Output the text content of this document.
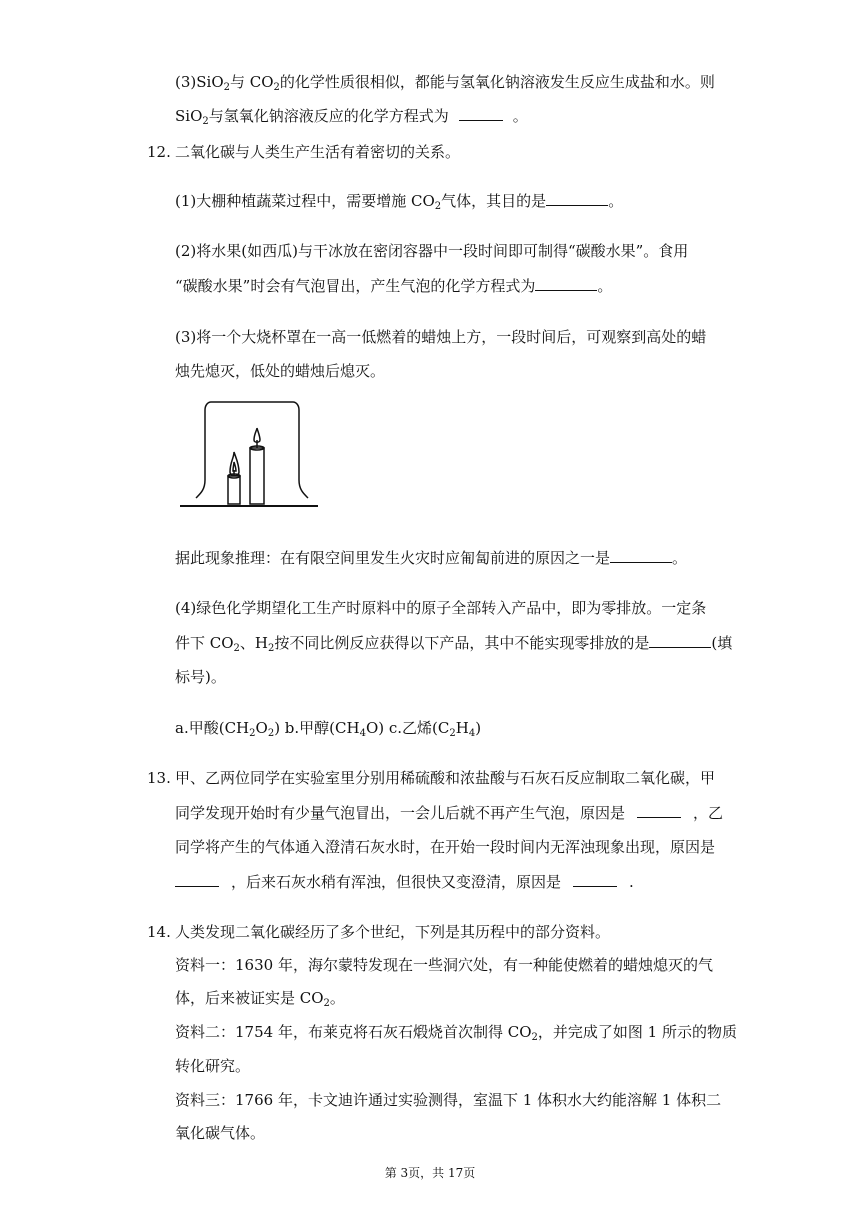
(3)SiO$_2$与 $CO_2$的化学性质很相似，都能与氢氧化钠溶液发生反应生成盐和水。则
SiO$_2$与氢氧化钠溶液反应的化学方程式为	。
12. 二氧化碳与人类生产生活有着密切的关系。
(1)大棚种植蔬菜过程中，需要增施 $CO_2$气体，其目的是	。
(2)将水果(如西瓜)与干冰放在密闭容器中一段时间即可制得“碳酸水果”。食用
“碳酸水果”时会有气泡冒出，产生气泡的化学方程式为	。
(3)将一个大烧杯罩在一高一低燃着的蜡烛上方，一段时间后，可观察到高处的蜡
烛先熄灭，低处的蜡烛后熄灭。
据此现象推理：在有限空间里发生火灾时应匍匐前进的原因之一是	。
(4)绿色化学期望化工生产时原料中的原子全部转入产品中，即为零排放。一定条
件下 $CO_2$、$H_2$按不同比例反应获得以下产品，其中不能实现零排放的是	(填
标号)。
a.甲酸$(CH_2O_2)$ b.甲醇$(CH_4O)$ c.乙烯$(C_2H_4)$
13. 甲、乙两位同学在实验室里分别用稀硫酸和浓盐酸与石灰石反应制取二氧化碳，甲
同学发现开始时有少量气泡冒出，一会儿后就不再产生气泡，原因是	，乙
同学将产生的气体通入澄清石灰水时，在开始一段时间内无浑浊现象出现，原因是
，后来石灰水稍有浑浊，但很快又变澄清，原因是	.
14. 人类发现二氧化碳经历了多个世纪，下列是其历程中的部分资料。
资料一：1630 年，海尔蒙特发现在一些洞穴处，有一种能使燃着的蜡烛熄灭的气
体，后来被证实是 $CO_2$。
资料二：1754 年，布莱克将石灰石煅烧首次制得 $CO_2$，并完成了如图 1 所示的物质
转化研究。
资料三：1766 年，卡文迪许通过实验测得，室温下 1 体积水大约能溶解 1 体积二
氧化碳气体。
第 3页，共 17页
